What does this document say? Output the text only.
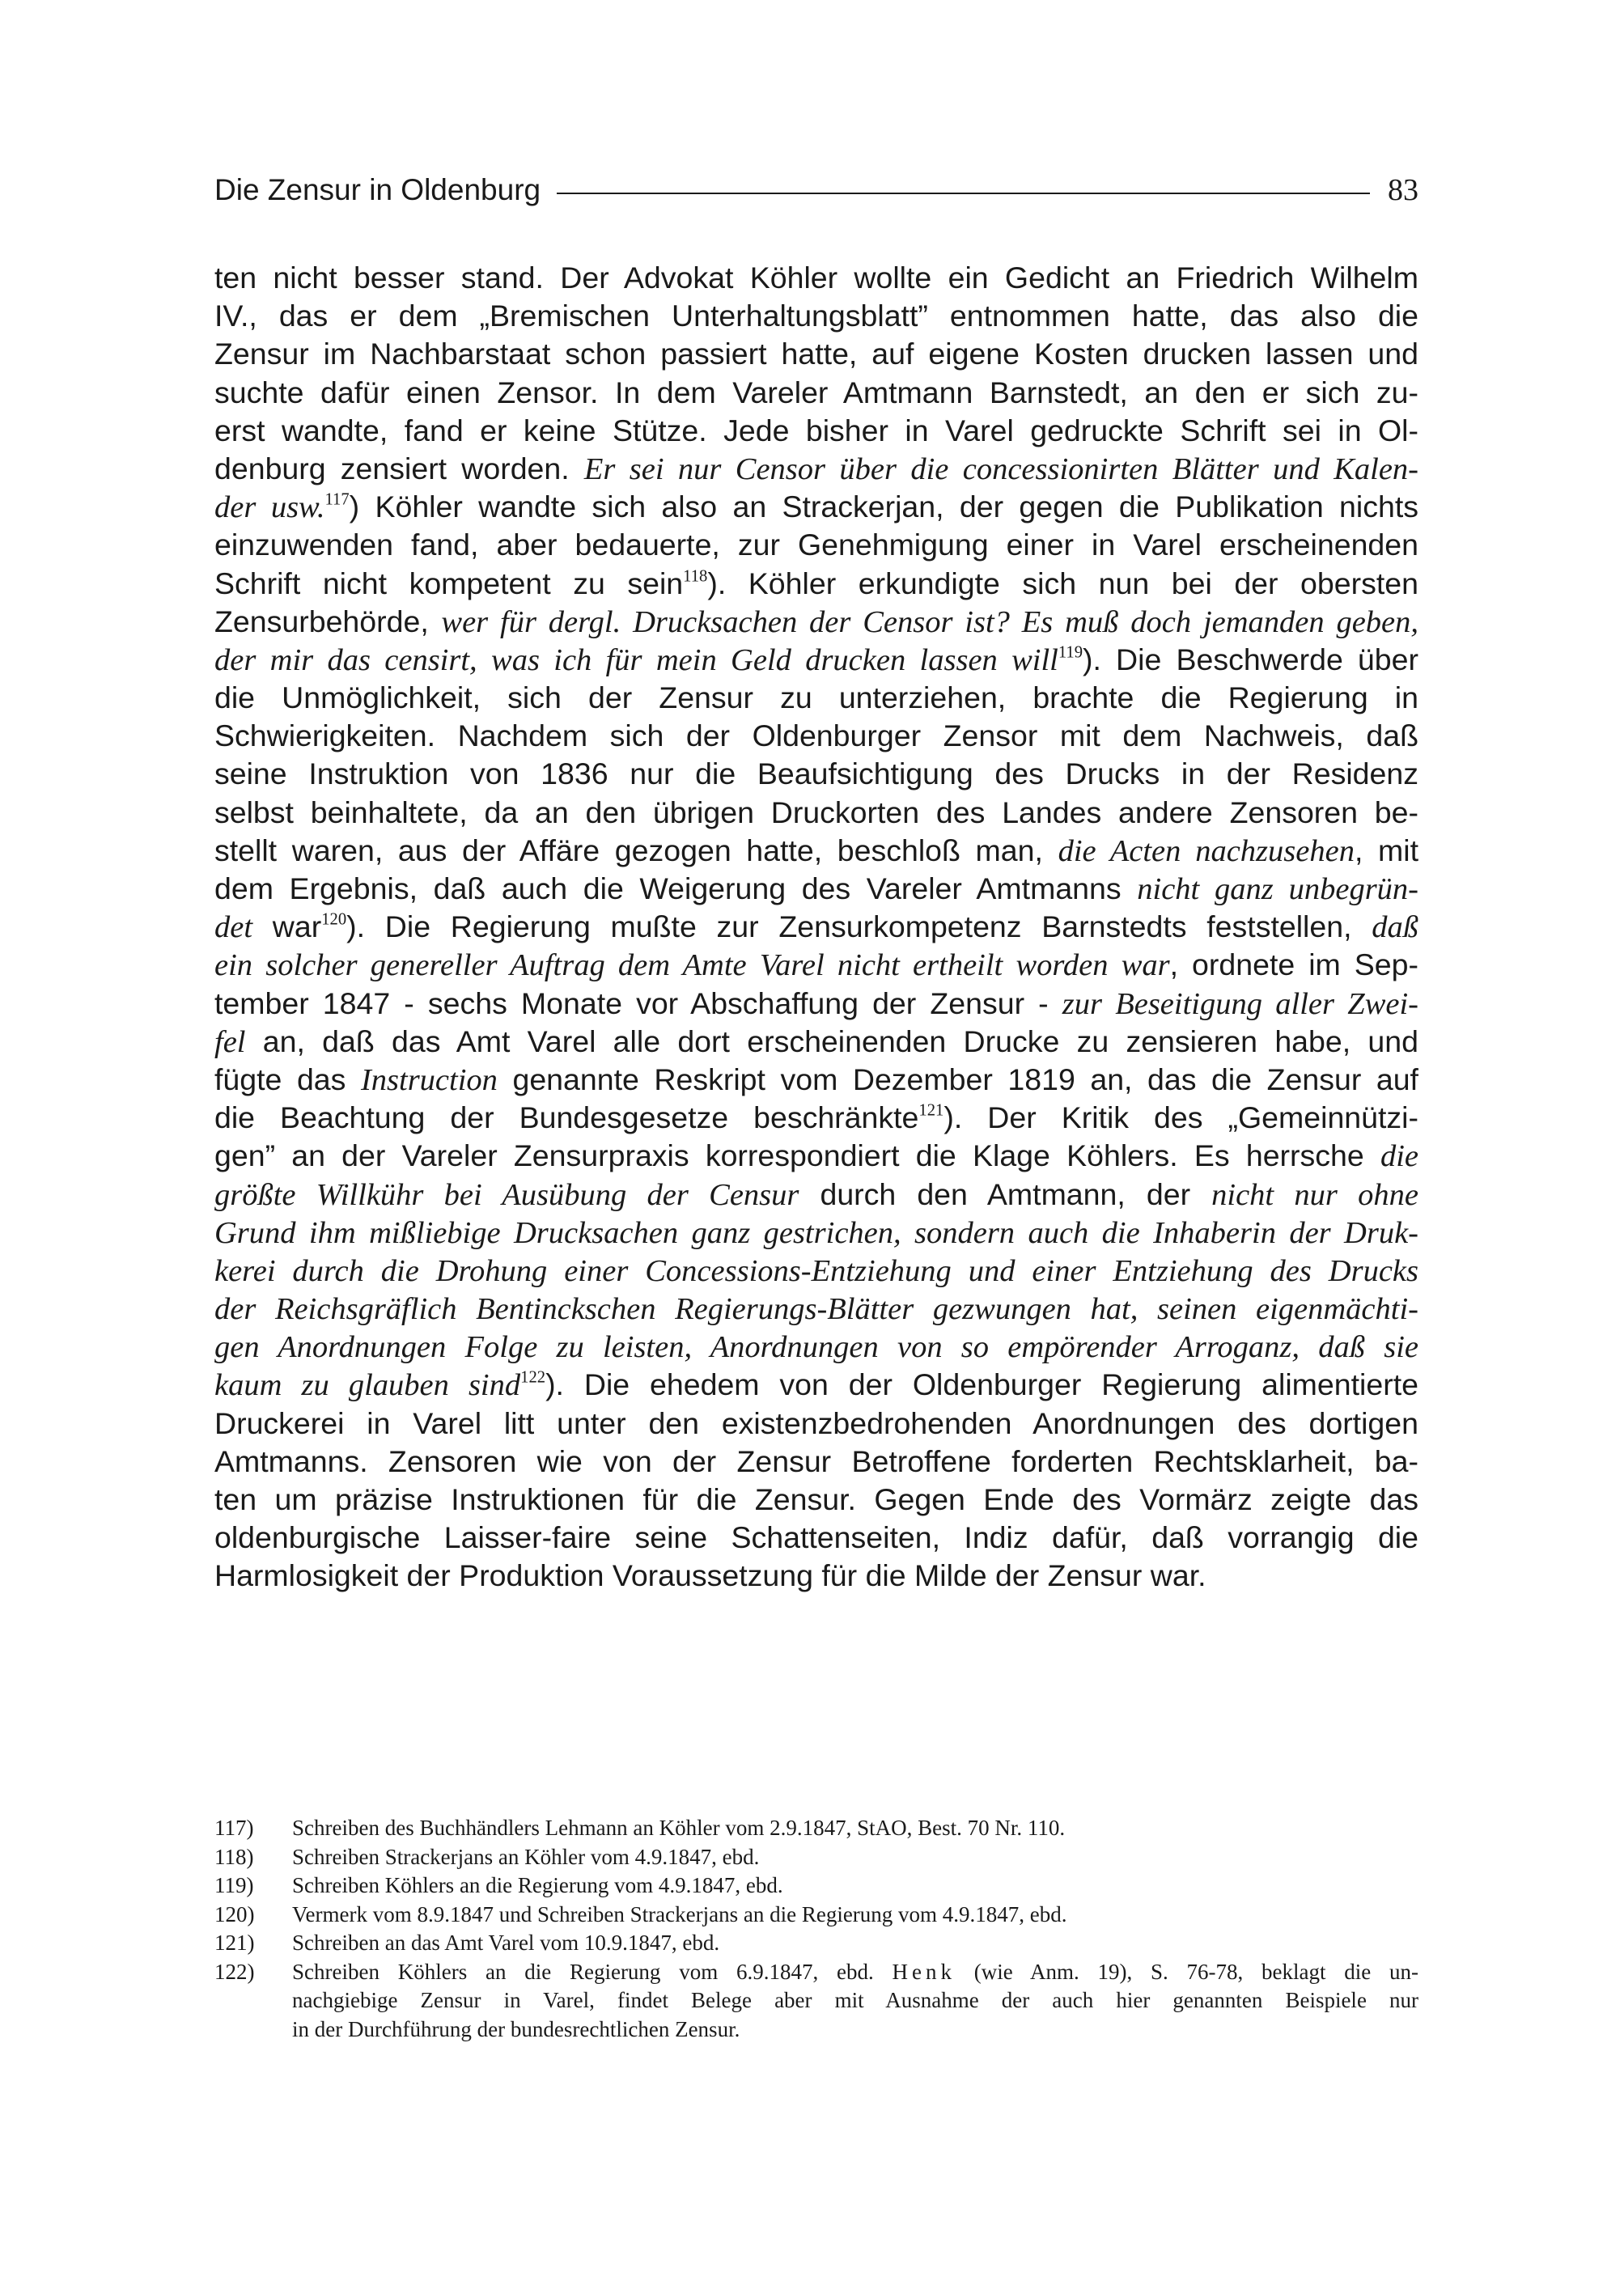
Die Zensur in Oldenburg	83
ten nicht besser stand. Der Advokat Köhler wollte ein Gedicht an Friedrich Wilhelm
IV., das er dem „Bremischen Unterhaltungsblatt” entnommen hatte, das also die
Zensur im Nachbarstaat schon passiert hatte, auf eigene Kosten drucken lassen und
suchte dafür einen Zensor. In dem Vareler Amtmann Barnstedt, an den er sich zu-
erst wandte, fand er keine Stütze. Jede bisher in Varel gedruckte Schrift sei in Ol-
denburg zensiert worden. Er sei nur Censor über die concessionirten Blätter und Kalen-
der usw.$^{117}$) Köhler wandte sich also an Strackerjan, der gegen die Publikation nichts
einzuwenden fand, aber bedauerte, zur Genehmigung einer in Varel erscheinenden
Schrift nicht kompetent zu sein$^{118}$). Köhler erkundigte sich nun bei der obersten
Zensurbehörde, wer für dergl. Drucksachen der Censor ist? Es muß doch jemanden geben,
der mir das censirt, was ich für mein Geld drucken lassen will$^{119}$). Die Beschwerde über
die Unmöglichkeit, sich der Zensur zu unterziehen, brachte die Regierung in
Schwierigkeiten. Nachdem sich der Oldenburger Zensor mit dem Nachweis, daß
seine Instruktion von 1836 nur die Beaufsichtigung des Drucks in der Residenz
selbst beinhaltete, da an den übrigen Druckorten des Landes andere Zensoren be-
stellt waren, aus der Affäre gezogen hatte, beschloß man, die Acten nachzusehen, mit
dem Ergebnis, daß auch die Weigerung des Vareler Amtmanns nicht ganz unbegrün-
det war$^{120}$). Die Regierung mußte zur Zensurkompetenz Barnstedts feststellen, daß
ein solcher genereller Auftrag dem Amte Varel nicht ertheilt worden war, ordnete im Sep-
tember 1847 - sechs Monate vor Abschaffung der Zensur - zur Beseitigung aller Zwei-
fel an, daß das Amt Varel alle dort erscheinenden Drucke zu zensieren habe, und
fügte das Instruction genannte Reskript vom Dezember 1819 an, das die Zensur auf
die Beachtung der Bundesgesetze beschränkte$^{121}$). Der Kritik des „Gemeinnützi-
gen” an der Vareler Zensurpraxis korrespondiert die Klage Köhlers. Es herrsche die
größte Willkühr bei Ausübung der Censur durch den Amtmann, der nicht nur ohne
Grund ihm mißliebige Drucksachen ganz gestrichen, sondern auch die Inhaberin der Druk-
kerei durch die Drohung einer Concessions-Entziehung und einer Entziehung des Drucks
der Reichsgräflich Bentinckschen Regierungs-Blätter gezwungen hat, seinen eigenmächti-
gen Anordnungen Folge zu leisten, Anordnungen von so empörender Arroganz, daß sie
kaum zu glauben sind$^{122}$). Die ehedem von der Oldenburger Regierung alimentierte
Druckerei in Varel litt unter den existenzbedrohenden Anordnungen des dortigen
Amtmanns. Zensoren wie von der Zensur Betroffene forderten Rechtsklarheit, ba-
ten um präzise Instruktionen für die Zensur. Gegen Ende des Vormärz zeigte das
oldenburgische Laisser-faire seine Schattenseiten, Indiz dafür, daß vorrangig die
Harmlosigkeit der Produktion Voraussetzung für die Milde der Zensur war.
117)	Schreiben des Buchhändlers Lehmann an Köhler vom 2.9.1847, StAO, Best. 70 Nr. 110.
118)	Schreiben Strackerjans an Köhler vom 4.9.1847, ebd.
119)	Schreiben Köhlers an die Regierung vom 4.9.1847, ebd.
120)	Vermerk vom 8.9.1847 und Schreiben Strackerjans an die Regierung vom 4.9.1847, ebd.
121)	Schreiben an das Amt Varel vom 10.9.1847, ebd.
122)	Schreiben Köhlers an die Regierung vom 6.9.1847, ebd. Henk (wie Anm. 19), S. 76-78, beklagt die un-
nachgiebige Zensur in Varel, findet Belege aber mit Ausnahme der auch hier genannten Beispiele nur
in der Durchführung der bundesrechtlichen Zensur.
